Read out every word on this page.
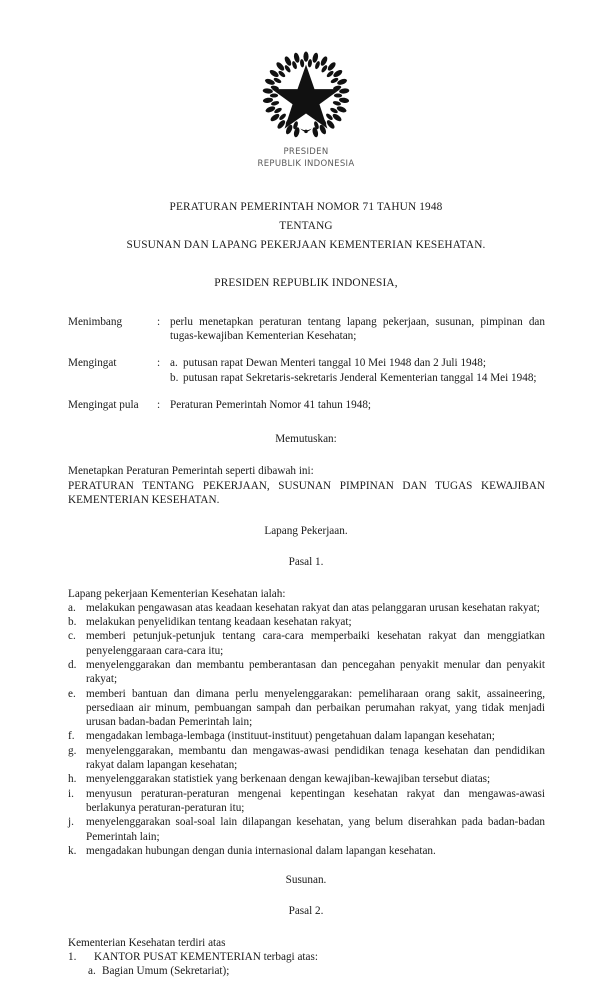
PRESIDEN
REPUBLIK INDONESIA
PERATURAN PEMERINTAH NOMOR 71 TAHUN 1948
TENTANG
SUSUNAN DAN LAPANG PEKERJAAN KEMENTERIAN KESEHATAN.
PRESIDEN REPUBLIK INDONESIA,
Menimbang	: perlu menetapkan peraturan tentang lapang pekerjaan, susunan, pimpinan dan tugas-kewajiban Kementerian Kesehatan;
Mengingat	: a. putusan rapat Dewan Menteri tanggal 10 Mei 1948 dan 2 Juli 1948;
b. putusan rapat Sekretaris-sekretaris Jenderal Kementerian tanggal 14 Mei 1948;
Mengingat pula	: Peraturan Pemerintah Nomor 41 tahun 1948;
Memutuskan:
Menetapkan Peraturan Pemerintah seperti dibawah ini:
PERATURAN TENTANG PEKERJAAN, SUSUNAN PIMPINAN DAN TUGAS KEWAJIBAN KEMENTERIAN KESEHATAN.
Lapang Pekerjaan.
Pasal 1.
Lapang pekerjaan Kementerian Kesehatan ialah:
a. melakukan pengawasan atas keadaan kesehatan rakyat dan atas pelanggaran urusan kesehatan rakyat;
b. melakukan penyelidikan tentang keadaan kesehatan rakyat;
c. memberi petunjuk-petunjuk tentang cara-cara memperbaiki kesehatan rakyat dan menggiatkan penyelenggaraan cara-cara itu;
d. menyelenggarakan dan membantu pemberantasan dan pencegahan penyakit menular dan penyakit rakyat;
e. memberi bantuan dan dimana perlu menyelenggarakan: pemeliharaan orang sakit, assaineering, persediaan air minum, pembuangan sampah dan perbaikan perumahan rakyat, yang tidak menjadi urusan badan-badan Pemerintah lain;
f.	mengadakan lembaga-lembaga (instituut-instituut) pengetahuan dalam lapangan kesehatan;
g. menyelenggarakan, membantu dan mengawas-awasi pendidikan tenaga kesehatan dan pendidikan rakyat dalam lapangan kesehatan;
h. menyelenggarakan statistiek yang berkenaan dengan kewajiban-kewajiban tersebut diatas;
i.	menyusun peraturan-peraturan mengenai kepentingan kesehatan rakyat dan mengawas-awasi berlakunya peraturan-peraturan itu;
j.	menyelenggarakan soal-soal lain dilapangan kesehatan, yang belum diserahkan pada badan-badan Pemerintah lain;
k. mengadakan hubungan dengan dunia internasional dalam lapangan kesehatan.
Susunan.
Pasal 2.
Kementerian Kesehatan terdiri atas
1.	KANTOR PUSAT KEMENTERIAN terbagi atas:
a. Bagian Umum (Sekretariat);
